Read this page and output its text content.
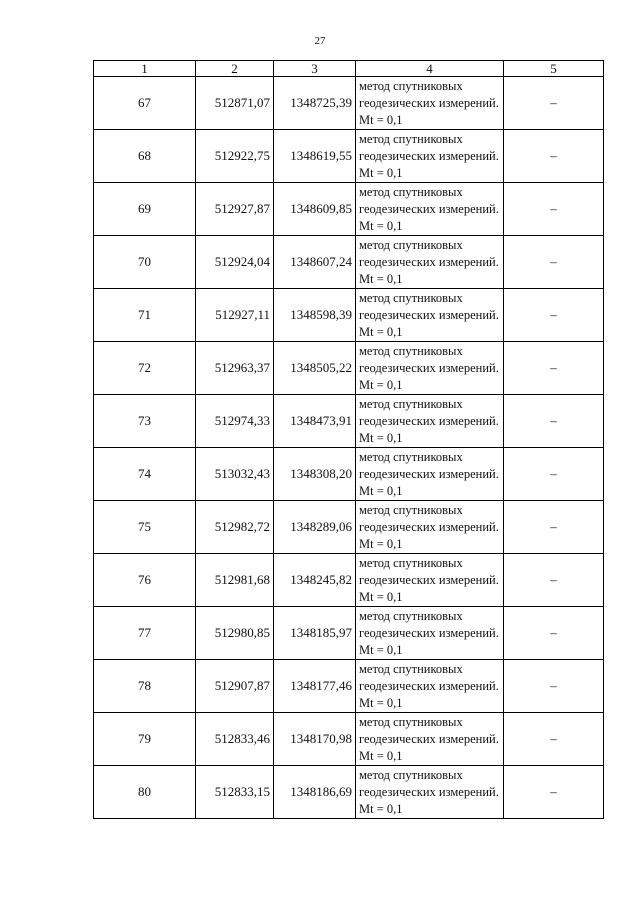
27
1	2	3	4	5
67	512871,07	1348725,39	метод спутниковых геодезических измерений. Mt = 0,1	–
68	512922,75	1348619,55	метод спутниковых геодезических измерений. Mt = 0,1	–
69	512927,87	1348609,85	метод спутниковых геодезических измерений. Mt = 0,1	–
70	512924,04	1348607,24	метод спутниковых геодезических измерений. Mt = 0,1	–
71	512927,11	1348598,39	метод спутниковых геодезических измерений. Mt = 0,1	–
72	512963,37	1348505,22	метод спутниковых геодезических измерений. Mt = 0,1	–
73	512974,33	1348473,91	метод спутниковых геодезических измерений. Mt = 0,1	–
74	513032,43	1348308,20	метод спутниковых геодезических измерений. Mt = 0,1	–
75	512982,72	1348289,06	метод спутниковых геодезических измерений. Mt = 0,1	–
76	512981,68	1348245,82	метод спутниковых геодезических измерений. Mt = 0,1	–
77	512980,85	1348185,97	метод спутниковых геодезических измерений. Mt = 0,1	–
78	512907,87	1348177,46	метод спутниковых геодезических измерений. Mt = 0,1	–
79	512833,46	1348170,98	метод спутниковых геодезических измерений. Mt = 0,1	–
80	512833,15	1348186,69	метод спутниковых геодезических измерений. Mt = 0,1	–
